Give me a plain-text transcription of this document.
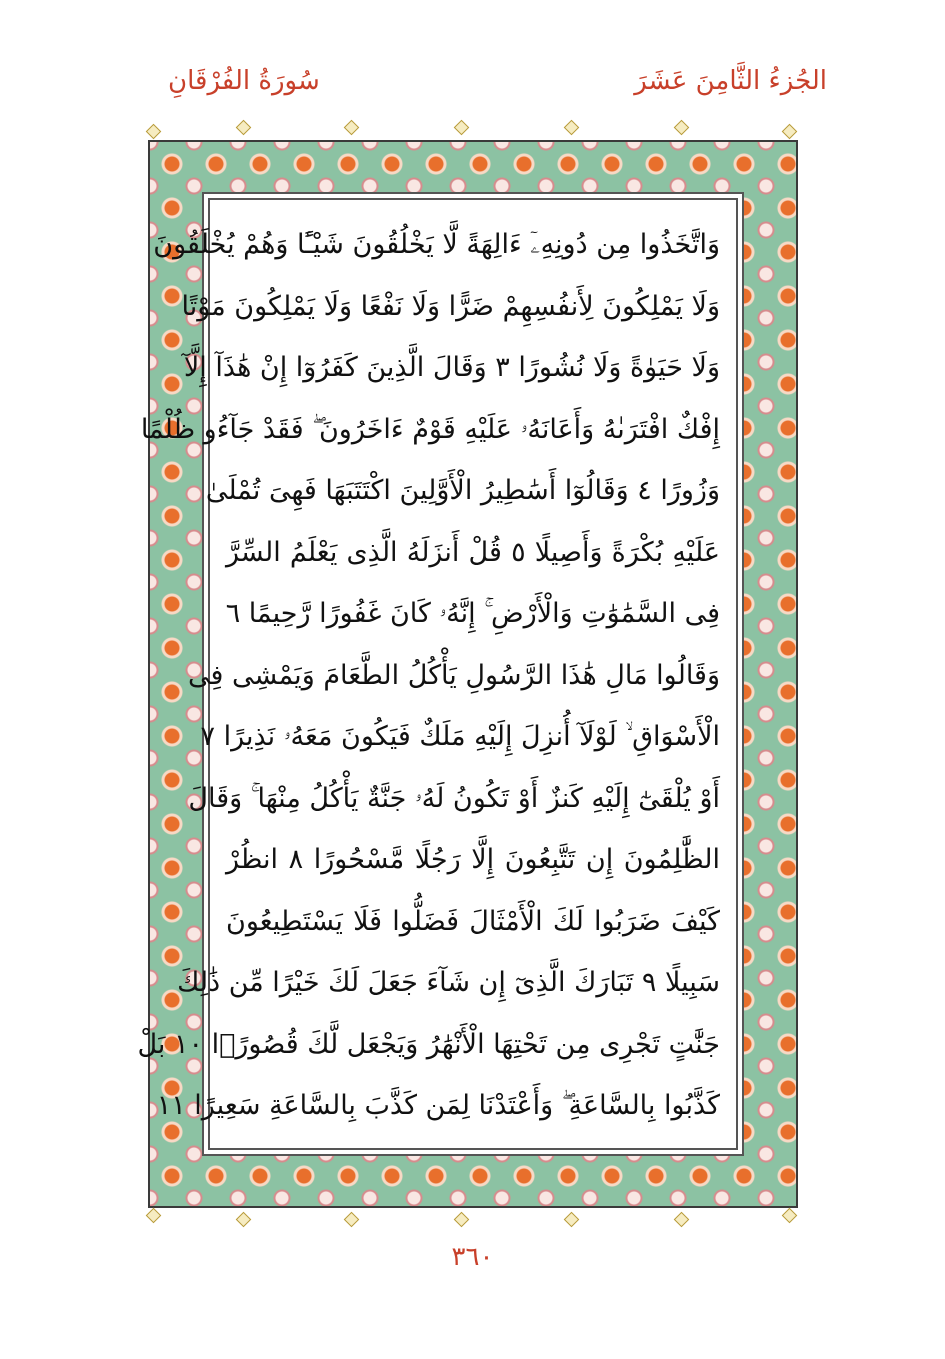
الجُزءُ الثَّامِنَ عَشَرَ
سُورَةُ الفُرْقَانِ
وَاتَّخَذُوا مِن دُونِهِۦٓ ءَالِهَةً لَّا يَخْلُقُونَ شَيْـًٔا وَهُمْ يُخْلَقُونَ
وَلَا يَمْلِكُونَ لِأَنفُسِهِمْ ضَرًّا وَلَا نَفْعًا وَلَا يَمْلِكُونَ مَوْتًا
وَلَا حَيَوٰةً وَلَا نُشُورًا ٣ وَقَالَ الَّذِينَ كَفَرُوٓا إِنْ هَٰذَآ إِلَّآ
إِفْكٌ افْتَرَىٰهُ وَأَعَانَهُۥ عَلَيْهِ قَوْمٌ ءَاخَرُونَ ۖ فَقَدْ جَآءُو ظُلْمًا
وَزُورًا ٤ وَقَالُوٓا أَسَٰطِيرُ الْأَوَّلِينَ اكْتَتَبَهَا فَهِىَ تُمْلَىٰ
عَلَيْهِ بُكْرَةً وَأَصِيلًا ٥ قُلْ أَنزَلَهُ الَّذِى يَعْلَمُ السِّرَّ
فِى السَّمَٰوَٰتِ وَالْأَرْضِ ۚ إِنَّهُۥ كَانَ غَفُورًا رَّحِيمًا ٦
وَقَالُوا مَالِ هَٰذَا الرَّسُولِ يَأْكُلُ الطَّعَامَ وَيَمْشِى فِى
الْأَسْوَاقِ ۙ لَوْلَآ أُنزِلَ إِلَيْهِ مَلَكٌ فَيَكُونَ مَعَهُۥ نَذِيرًا ٧
أَوْ يُلْقَىٰٓ إِلَيْهِ كَنزٌ أَوْ تَكُونُ لَهُۥ جَنَّةٌ يَأْكُلُ مِنْهَا ۚ وَقَالَ
الظَّٰلِمُونَ إِن تَتَّبِعُونَ إِلَّا رَجُلًا مَّسْحُورًا ٨ انظُرْ
كَيْفَ ضَرَبُوا لَكَ الْأَمْثَالَ فَضَلُّوا فَلَا يَسْتَطِيعُونَ
سَبِيلًا ٩ تَبَارَكَ الَّذِىٓ إِن شَآءَ جَعَلَ لَكَ خَيْرًا مِّن ذَٰلِكَ
جَنَّٰتٍ تَجْرِى مِن تَحْتِهَا الْأَنْهَٰرُ وَيَجْعَل لَّكَ قُصُورًۢا ١٠ بَلْ
كَذَّبُوا بِالسَّاعَةِ ۖ وَأَعْتَدْنَا لِمَن كَذَّبَ بِالسَّاعَةِ سَعِيرًا ١١
٣٦٠
